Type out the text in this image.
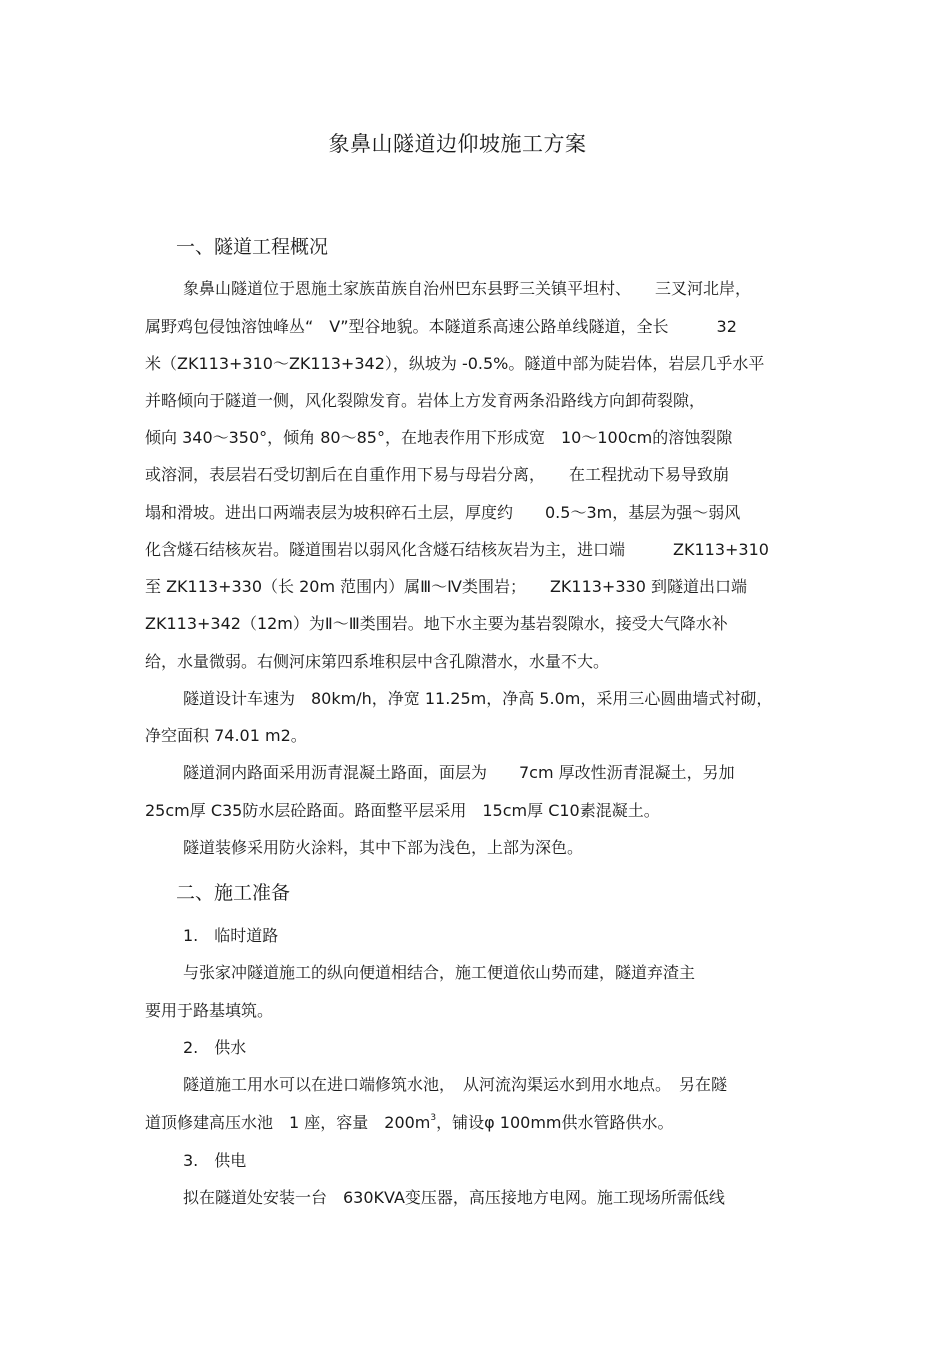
象鼻山隧道边仰坡施工方案
一、隧道工程概况
象鼻山隧道位于恩施土家族苗族自治州巴东县野三关镇平坦村、　　三叉河北岸，
属野鸡包侵蚀溶蚀峰丛“　V”型谷地貌。本隧道系高速公路单线隧道，全长　　　32
米（ZK113+310～ZK113+342），纵坡为 -0.5%。隧道中部为陡岩体，岩层几乎水平
并略倾向于隧道一侧，风化裂隙发育。岩体上方发育两条沿路线方向卸荷裂隙，
倾向 340～350°，倾角 80～85°，在地表作用下形成宽　10～100cm的溶蚀裂隙
或溶洞，表层岩石受切割后在自重作用下易与母岩分离，　　在工程扰动下易导致崩
塌和滑坡。进出口两端表层为坡积碎石土层，厚度约　　0.5～3m，基层为强～弱风
化含燧石结核灰岩。隧道围岩以弱风化含燧石结核灰岩为主，进口端　　　ZK113+310
至 ZK113+330（长 20m 范围内）属Ⅲ～Ⅳ类围岩；　　ZK113+330 到隧道出口端
ZK113+342（12m）为Ⅱ～Ⅲ类围岩。地下水主要为基岩裂隙水，接受大气降水补
给，水量微弱。右侧河床第四系堆积层中含孔隙潜水，水量不大。
隧道设计车速为　80km/h，净宽 11.25m，净高 5.0m，采用三心圆曲墙式衬砌，
净空面积 74.01 m2。
隧道洞内路面采用沥青混凝土路面，面层为　　7cm 厚改性沥青混凝土，另加
25cm厚 C35防水层砼路面。路面整平层采用　15cm厚 C10素混凝土。
隧道装修采用防火涂料，其中下部为浅色，上部为深色。
二、施工准备
1.　临时道路
与张家冲隧道施工的纵向便道相结合，施工便道依山势而建，隧道弃渣主
要用于路基填筑。
2.　供水
隧道施工用水可以在进口端修筑水池，　从河流沟渠运水到用水地点。　另在隧
道顶修建高压水池　1 座，容量　$200m^3$，铺设φ 100mm供水管路供水。
3.　供电
拟在隧道处安装一台　630KVA变压器，高压接地方电网。施工现场所需低线
